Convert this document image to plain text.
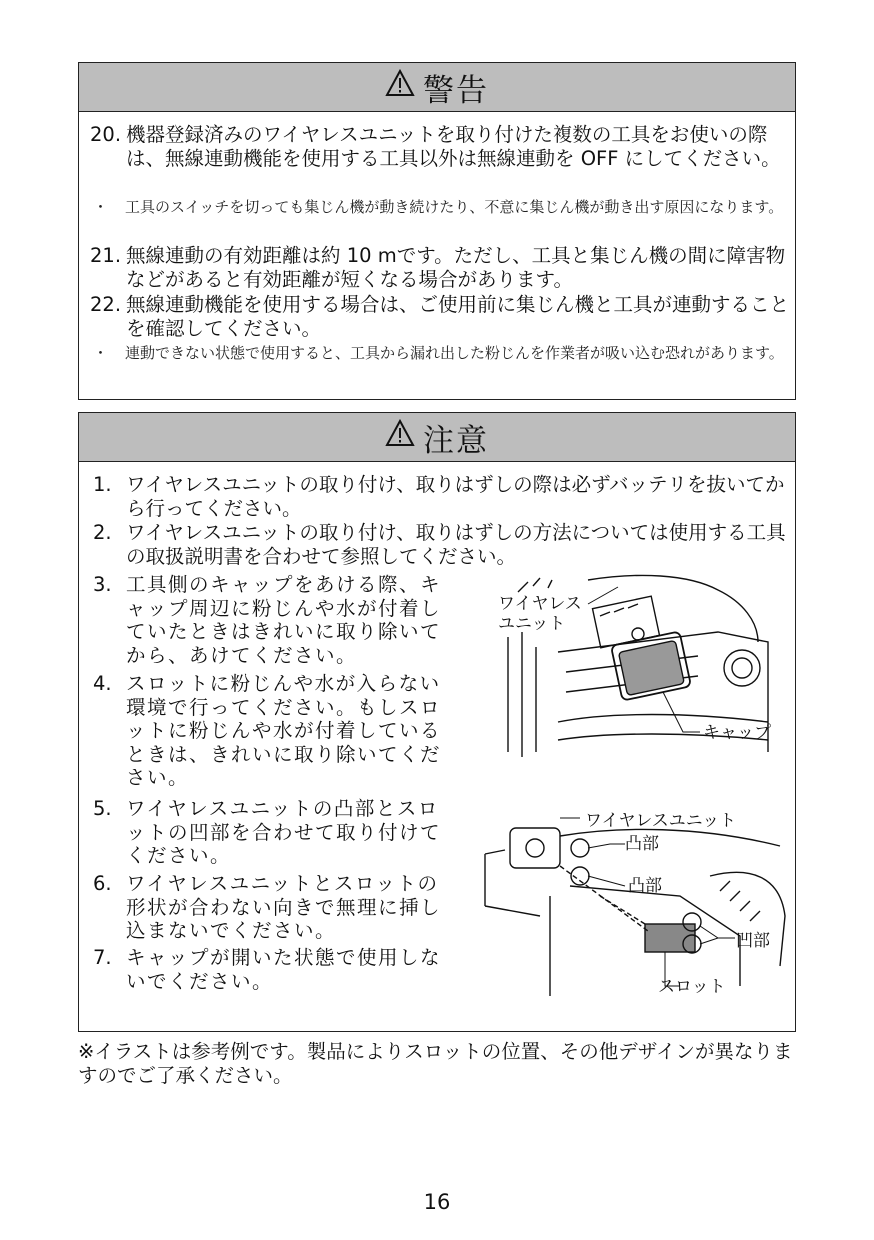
警告
20. 機器登録済みのワイヤレスユニットを取り付けた複数の工具をお使いの際は、無線連動機能を使用する工具以外は無線連動を OFF にしてください。
・	工具のスイッチを切っても集じん機が動き続けたり、不意に集じん機が動き出す原因になります。
21. 無線連動の有効距離は約 10 mです。ただし、工具と集じん機の間に障害物などがあると有効距離が短くなる場合があります。
22. 無線連動機能を使用する場合は、ご使用前に集じん機と工具が連動することを確認してください。
・	連動できない状態で使用すると、工具から漏れ出した粉じんを作業者が吸い込む恐れがあります。
注意
1. ワイヤレスユニットの取り付け、取りはずしの際は必ずバッテリを抜いてから行ってください。
2. ワイヤレスユニットの取り付け、取りはずしの方法については使用する工具の取扱説明書を合わせて参照してください。
3. 工具側のキャップをあける際、キャップ周辺に粉じんや水が付着していたときはきれいに取り除いてから、あけてください。
4. スロットに粉じんや水が入らない環境で行ってください。もしスロットに粉じんや水が付着しているときは、きれいに取り除いてください。
5. ワイヤレスユニットの凸部とスロットの凹部を合わせて取り付けてください。
6. ワイヤレスユニットとスロットの形状が合わない向きで無理に挿し込まないでください。
7. キャップが開いた状態で使用しないでください。
ワイヤレス
ユニット
キャップ
ワイヤレスユニット
凸部
凸部
凹部
スロット
※イラストは参考例です。製品によりスロットの位置、その他デザインが異なりますのでご了承ください。
16
